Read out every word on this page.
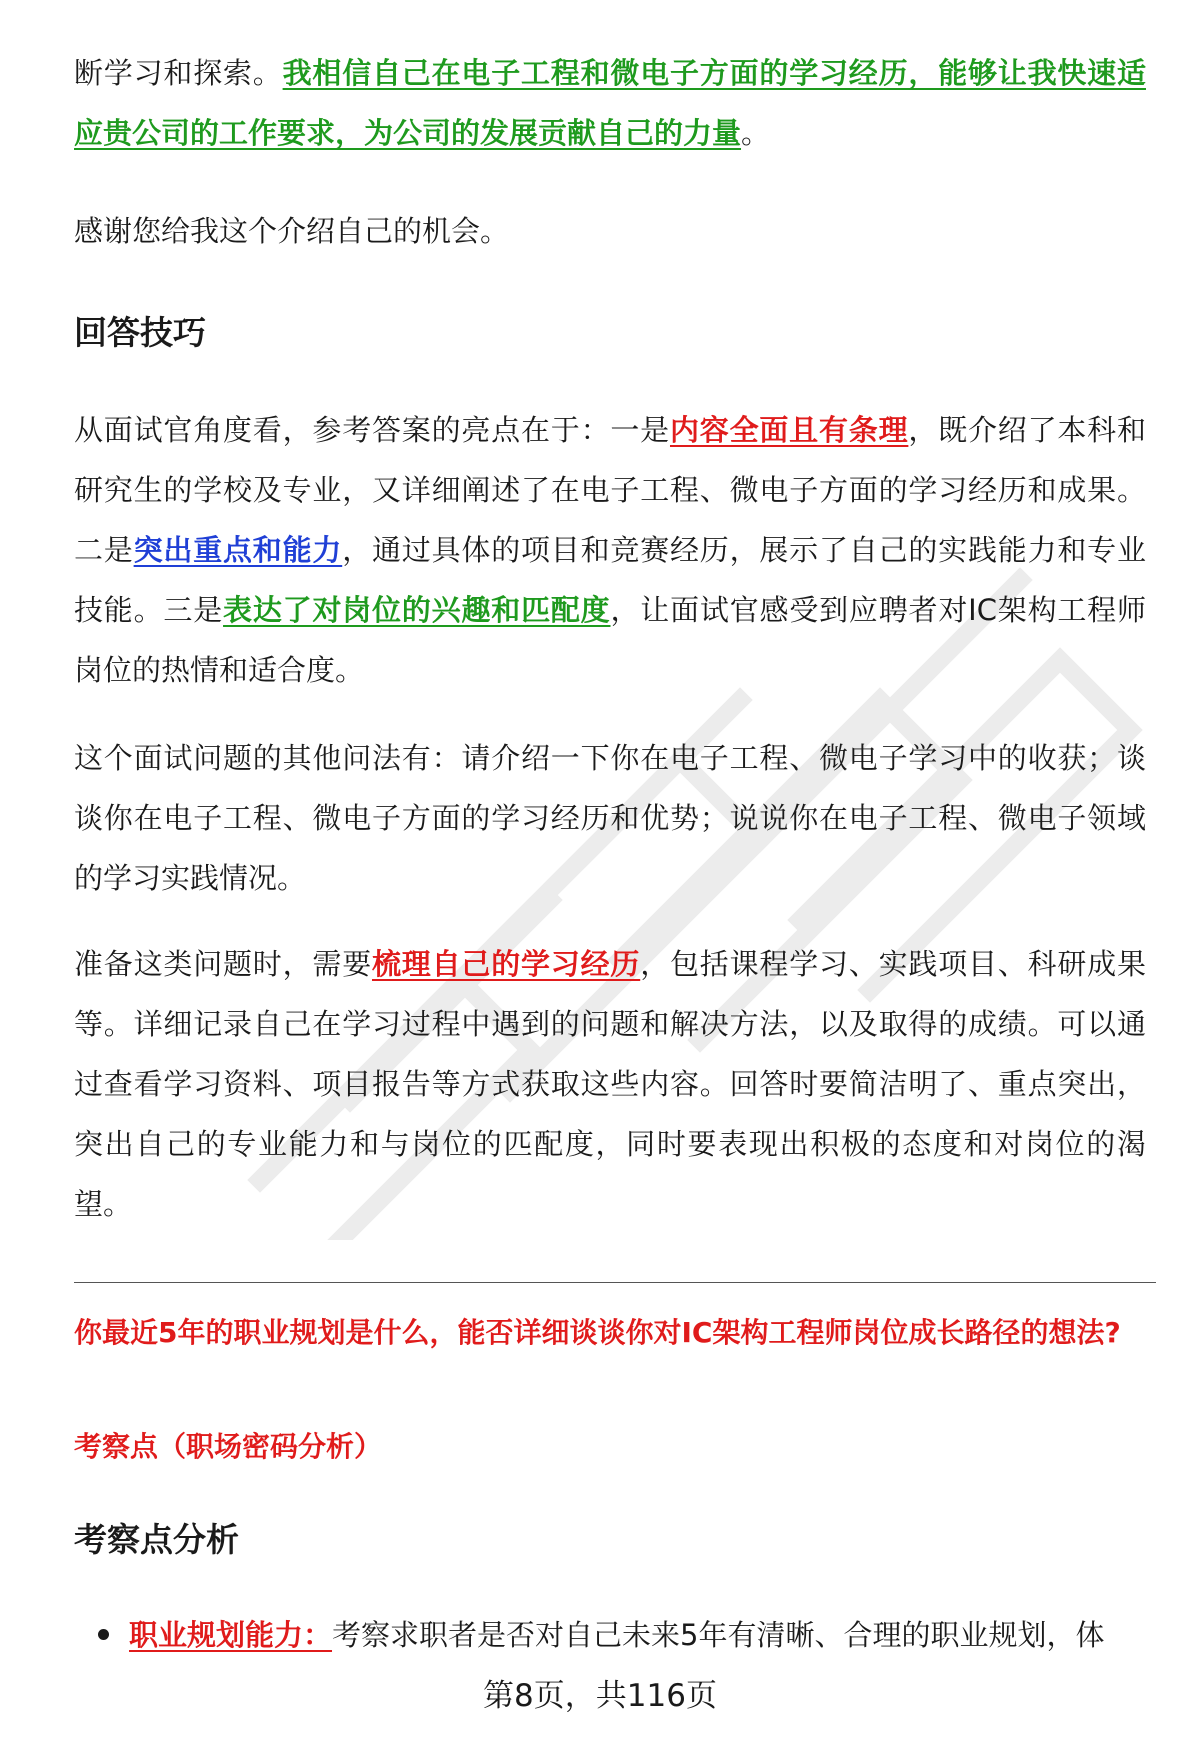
断学习和探索。我相信自己在电子工程和微电子方面的学习经历，能够让我快速适应贵公司的工作要求，为公司的发展贡献自己的力量。

感谢您给我这个介绍自己的机会。

回答技巧

从面试官角度看，参考答案的亮点在于：一是内容全面且有条理，既介绍了本科和研究生的学校及专业，又详细阐述了在电子工程、微电子方面的学习经历和成果。二是突出重点和能力，通过具体的项目和竞赛经历，展示了自己的实践能力和专业技能。三是表达了对岗位的兴趣和匹配度，让面试官感受到应聘者对IC架构工程师岗位的热情和适合度。

这个面试问题的其他问法有：请介绍一下你在电子工程、微电子学习中的收获；谈谈你在电子工程、微电子方面的学习经历和优势；说说你在电子工程、微电子领域的学习实践情况。

准备这类问题时，需要梳理自己的学习经历，包括课程学习、实践项目、科研成果等。详细记录自己在学习过程中遇到的问题和解决方法，以及取得的成绩。可以通过查看学习资料、项目报告等方式获取这些内容。回答时要简洁明了、重点突出，突出自己的专业能力和与岗位的匹配度，同时要表现出积极的态度和对岗位的渴望。

你最近5年的职业规划是什么，能否详细谈谈你对IC架构工程师岗位成长路径的想法?

考察点（职场密码分析）

考察点分析
职业规划能力：考察求职者是否对自己未来5年有清晰、合理的职业规划，体
第8页，共116页
